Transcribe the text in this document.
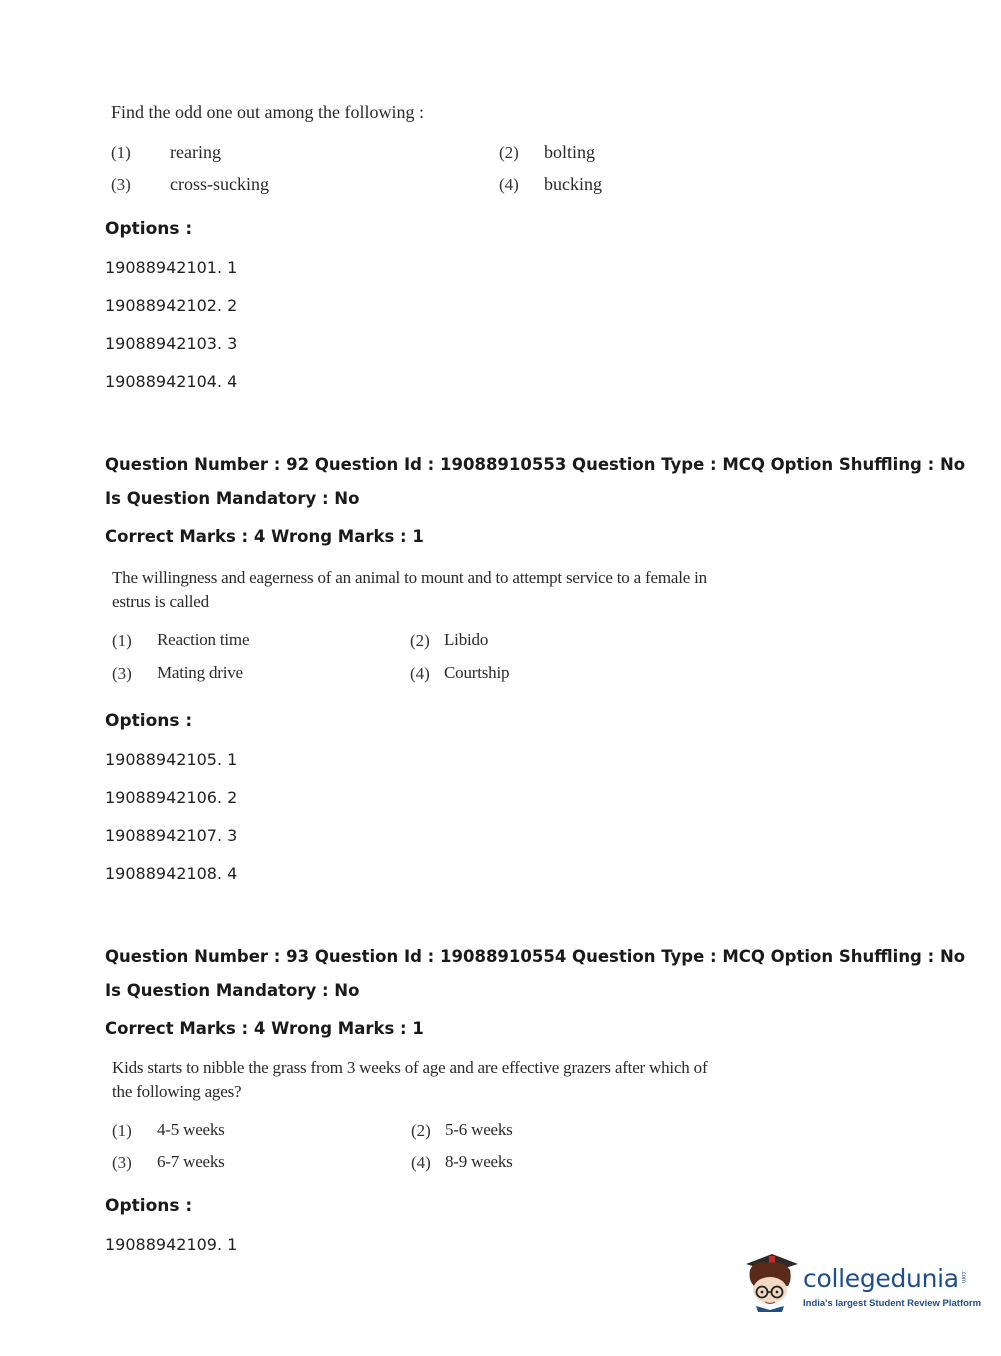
Find the odd one out among the following :
(1) rearing	(2) bolting
(3) cross-sucking	(4) bucking
Options :
19088942101. 1
19088942102. 2
19088942103. 3
19088942104. 4
Question Number : 92 Question Id : 19088910553 Question Type : MCQ Option Shuffling : No
Is Question Mandatory : No
Correct Marks : 4 Wrong Marks : 1
The willingness and eagerness of an animal to mount and to attempt service to a female in
estrus is called
(1) Reaction time	(2) Libido
(3) Mating drive	(4) Courtship
Options :
19088942105. 1
19088942106. 2
19088942107. 3
19088942108. 4
Question Number : 93 Question Id : 19088910554 Question Type : MCQ Option Shuffling : No
Is Question Mandatory : No
Correct Marks : 4 Wrong Marks : 1
Kids starts to nibble the grass from 3 weeks of age and are effective grazers after which of
the following ages?
(1) 4-5 weeks	(2) 5-6 weeks
(3) 6-7 weeks	(4) 8-9 weeks
Options :
19088942109. 1
collegedunia .com
India's largest Student Review Platform
